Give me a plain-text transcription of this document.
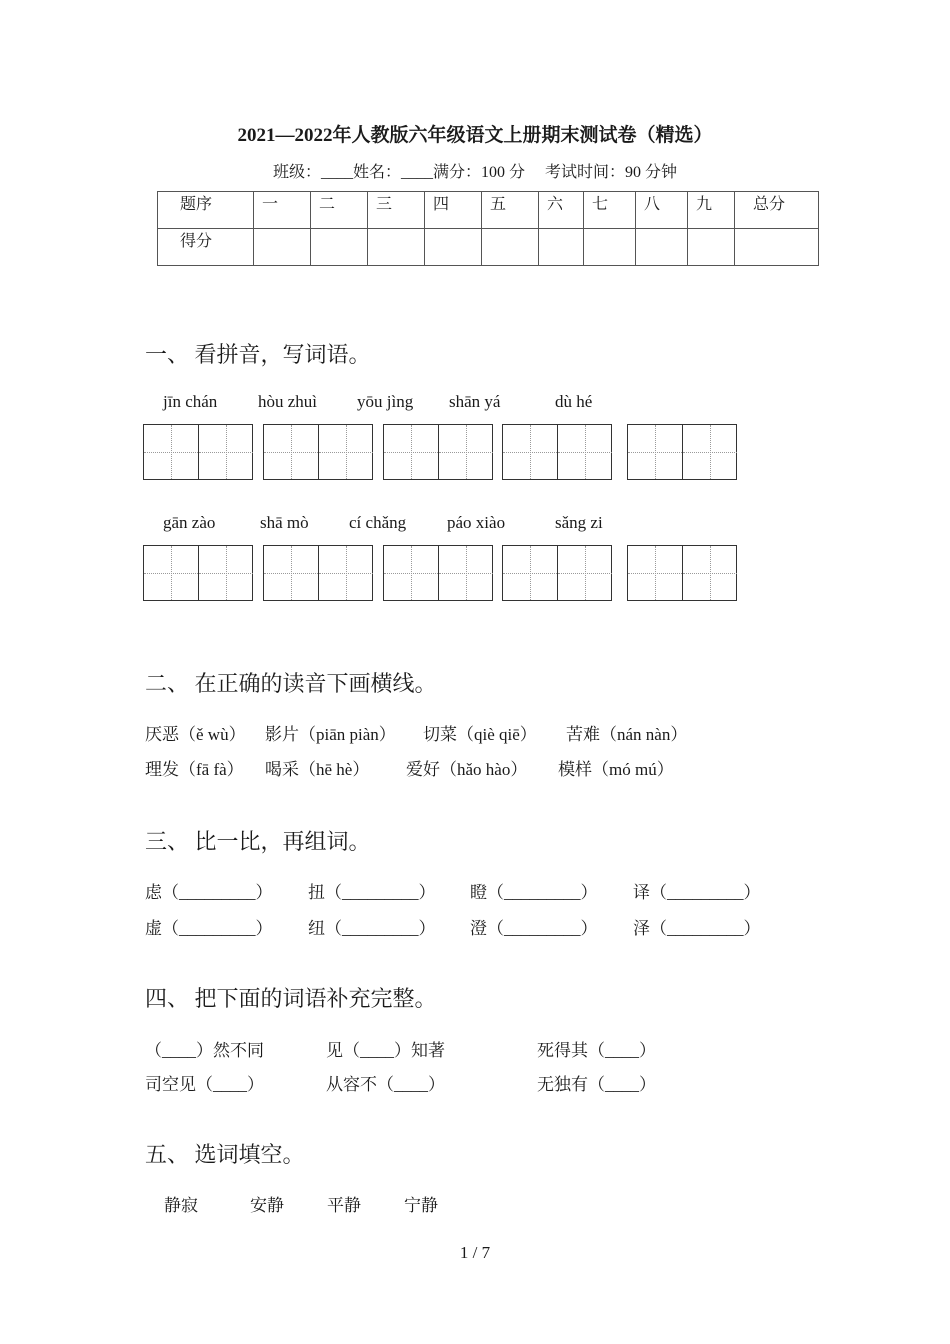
2021—2022年人教版六年级语文上册期末测试卷（精选）
班级：____姓名：____满分：100 分　 考试时间：90 分钟
题序	一	二	三	四	五	六	七	八	九	总分
得分										
一、 看拼音，写词语。
jīn chán hòu zhuì yōu jìng shān yá	dù hé
gān zào	shā mò cí chǎng páo xiào	sǎng zi
二、 在正确的读音下画横线。
厌恶（ě wù） 影片（piān piàn） 切菜（qiè qiē） 苦难（nán nàn）
理发（fā fà） 喝采（hē hè） 爱好（hǎo hào） 模样（mó mú）
三、 比一比，再组词。
虑（_________） 扭（_________） 瞪（_________） 译（_________）
虚（_________） 纽（_________） 澄（_________） 泽（_________）
四、 把下面的词语补充完整。
（____）然不同	见（____）知著	死得其（____）
司空见（____）	从容不（____）	无独有（____）
五、 选词填空。
静寂	安静	平静	宁静
1 / 7
